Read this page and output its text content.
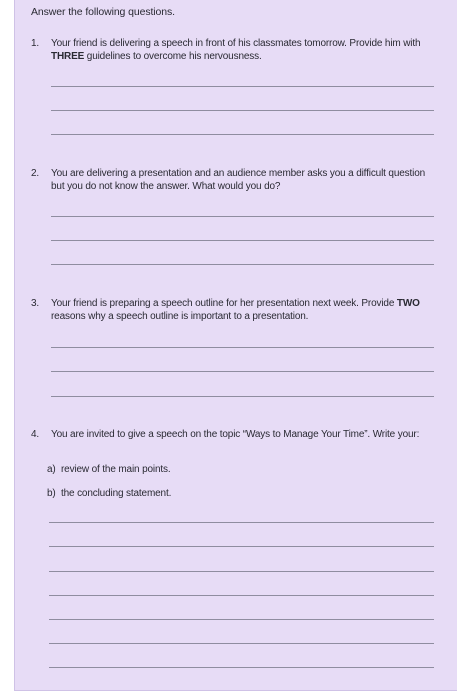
Answer the following questions.
1.	Your friend is delivering a speech in front of his classmates tomorrow. Provide him with THREE guidelines to overcome his nervousness.
2.	You are delivering a presentation and an audience member asks you a difficult question but you do not know the answer. What would you do?
3.	Your friend is preparing a speech outline for her presentation next week. Provide TWO reasons why a speech outline is important to a presentation.
4.	You are invited to give a speech on the topic “Ways to Manage Your Time”. Write your:
a) review of the main points.
b) the concluding statement.
